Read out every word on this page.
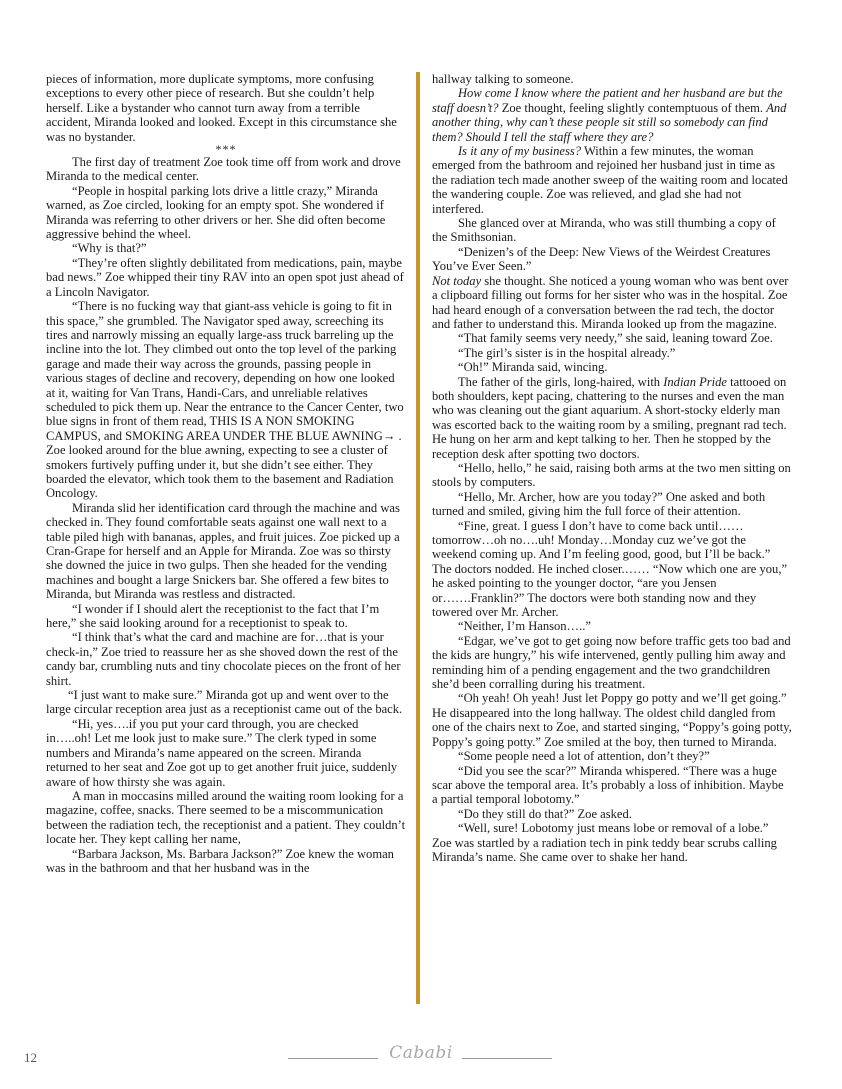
pieces of information, more duplicate symptoms, more confusing exceptions to every other piece of research. But she couldn’t help herself. Like a bystander who cannot turn away from a terrible accident, Miranda looked and looked. Except in this circumstance she was no bystander.

***

The first day of treatment Zoe took time off from work and drove Miranda to the medical center.

“People in hospital parking lots drive a little crazy,” Miranda warned, as Zoe circled, looking for an empty spot. She wondered if Miranda was referring to other drivers or her. She did often become aggressive behind the wheel.

“Why is that?”

“They’re often slightly debilitated from medications, pain, maybe bad news.” Zoe whipped their tiny RAV into an open spot just ahead of a Lincoln Navigator.

“There is no fucking way that giant-ass vehicle is going to fit in this space,” she grumbled. The Navigator sped away, screeching its tires and narrowly missing an equally large-ass truck barreling up the incline into the lot. They climbed out onto the top level of the parking garage and made their way across the grounds, passing people in various stages of decline and recovery, depending on how one looked at it, waiting for Van Trans, Handi-Cars, and unreliable relatives scheduled to pick them up. Near the entrance to the Cancer Center, two blue signs in front of them read, THIS IS A NON SMOKING CAMPUS, and SMOKING AREA UNDER THE BLUE AWNING→ . Zoe looked around for the blue awning, expecting to see a cluster of smokers furtively puffing under it, but she didn’t see either. They boarded the elevator, which took them to the basement and Radiation Oncology.

Miranda slid her identification card through the machine and was checked in. They found comfortable seats against one wall next to a table piled high with bananas, apples, and fruit juices. Zoe picked up a Cran-Grape for herself and an Apple for Miranda. Zoe was so thirsty she downed the juice in two gulps. Then she headed for the vending machines and bought a large Snickers bar. She offered a few bites to Miranda, but Miranda was restless and distracted.

“I wonder if I should alert the receptionist to the fact that I’m here,” she said looking around for a receptionist to speak to.

“I think that’s what the card and machine are for…that is your check-in,” Zoe tried to reassure her as she shoved down the rest of the candy bar, crumbling nuts and tiny chocolate pieces on the front of her shirt.

“I just want to make sure.” Miranda got up and went over to the large circular reception area just as a receptionist came out of the back.

“Hi, yes….if you put your card through, you are checked in…..oh! Let me look just to make sure.” The clerk typed in some numbers and Miranda’s name appeared on the screen. Miranda returned to her seat and Zoe got up to get another fruit juice, suddenly aware of how thirsty she was again.

A man in moccasins milled around the waiting room looking for a magazine, coffee, snacks. There seemed to be a miscommunication between the radiation tech, the receptionist and a patient. They couldn’t locate her. They kept calling her name,

“Barbara Jackson, Ms. Barbara Jackson?” Zoe knew the woman was in the bathroom and that her husband was in the

hallway talking to someone.

How come I know where the patient and her husband are but the staff doesn’t? Zoe thought, feeling slightly contemptuous of them. And another thing, why can’t these people sit still so somebody can find them? Should I tell the staff where they are?

Is it any of my business? Within a few minutes, the woman emerged from the bathroom and rejoined her husband just in time as the radiation tech made another sweep of the waiting room and located the wandering couple. Zoe was relieved, and glad she had not interfered.

She glanced over at Miranda, who was still thumbing a copy of the Smithsonian.

“Denizen’s of the Deep: New Views of the Weirdest Creatures You’ve Ever Seen.”

Not today she thought. She noticed a young woman who was bent over a clipboard filling out forms for her sister who was in the hospital. Zoe had heard enough of a conversation between the rad tech, the doctor and father to understand this. Miranda looked up from the magazine.

“That family seems very needy,” she said, leaning toward Zoe.

“The girl’s sister is in the hospital already.”

“Oh!” Miranda said, wincing.

The father of the girls, long-haired, with Indian Pride tattooed on both shoulders, kept pacing, chattering to the nurses and even the man who was cleaning out the giant aquarium. A short-stocky elderly man was escorted back to the waiting room by a smiling, pregnant rad tech. He hung on her arm and kept talking to her. Then he stopped by the reception desk after spotting two doctors.

“Hello, hello,” he said, raising both arms at the two men sitting on stools by computers.

“Hello, Mr. Archer, how are you today?” One asked and both turned and smiled, giving him the full force of their attention.

“Fine, great. I guess I don’t have to come back until…… tomorrow…oh no….uh! Monday…Monday cuz we’ve got the weekend coming up. And I’m feeling good, good, but I’ll be back.” The doctors nodded. He inched closer.…… “Now which one are you,” he asked pointing to the younger doctor, “are you Jensen or…….Franklin?” The doctors were both standing now and they towered over Mr. Archer.

“Neither, I’m Hanson…..”

“Edgar, we’ve got to get going now before traffic gets too bad and the kids are hungry,” his wife intervened, gently pulling him away and reminding him of a pending engagement and the two grandchildren she’d been corralling during his treatment.

“Oh yeah! Oh yeah! Just let Poppy go potty and we’ll get going.” He disappeared into the long hallway. The oldest child dangled from one of the chairs next to Zoe, and started singing, “Poppy’s going potty, Poppy’s going potty.” Zoe smiled at the boy, then turned to Miranda.

“Some people need a lot of attention, don’t they?”

“Did you see the scar?” Miranda whispered. “There was a huge scar above the temporal area. It’s probably a loss of inhibition. Maybe a partial temporal lobotomy.”

“Do they still do that?” Zoe asked.

“Well, sure! Lobotomy just means lobe or removal of a lobe.”

Zoe was startled by a radiation tech in pink teddy bear scrubs calling Miranda’s name. She came over to shake her hand.

12	Cababi
